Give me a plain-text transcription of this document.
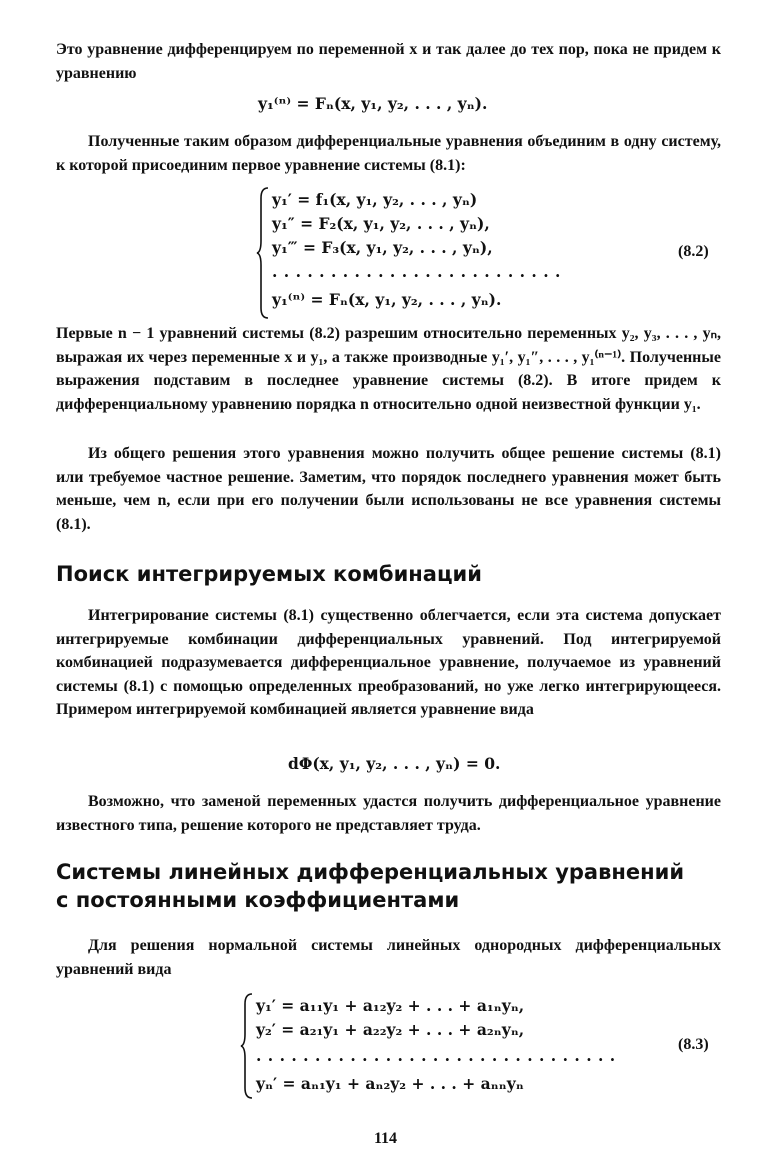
Это уравнение дифференцируем по переменной x и так далее до тех пор, пока не придем к уравнению
y₁⁽ⁿ⁾ = Fₙ(x, y₁, y₂, . . . , yₙ).
Полученные таким образом дифференциальные уравнения объединим в одну систему, к которой присоединим первое уравнение системы (8.1):
y₁′ = f₁(x, y₁, y₂, . . . , yₙ)
y₁″ = F₂(x, y₁, y₂, . . . , yₙ),
y₁‴ = F₃(x, y₁, y₂, . . . , yₙ),
. . . . . . . . . . . . . . . . . . . . . . . . .
y₁⁽ⁿ⁾ = Fₙ(x, y₁, y₂, . . . , yₙ).
(8.2)
Первые n − 1 уравнений системы (8.2) разрешим относительно переменных y₂, y₃, . . . , yₙ, выражая их через переменные x и y₁, а также производные y₁′, y₁″, . . . , y₁⁽ⁿ⁻¹⁾. Полученные выражения подставим в последнее уравнение системы (8.2). В итоге придем к дифференциальному уравнению порядка n относительно одной неизвестной функции y₁.
Из общего решения этого уравнения можно получить общее решение системы (8.1) или требуемое частное решение. Заметим, что порядок последнего уравнения может быть меньше, чем n, если при его получении были использованы не все уравнения системы (8.1).
Поиск интегрируемых комбинаций
Интегрирование системы (8.1) существенно облегчается, если эта система допускает интегрируемые комбинации дифференциальных уравнений. Под интегрируемой комбинацией подразумевается дифференциальное уравнение, получаемое из уравнений системы (8.1) с помощью определенных преобразований, но уже легко интегрирующееся. Примером интегрируемой комбинацией является уравнение вида
dΦ(x, y₁, y₂, . . . , yₙ) = 0.
Возможно, что заменой переменных удастся получить дифференциальное уравнение известного типа, решение которого не представляет труда.
Системы линейных дифференциальных уравнений
с постоянными коэффициентами
Для решения нормальной системы линейных однородных дифференциальных уравнений вида
y₁′ = a₁₁y₁ + a₁₂y₂ + . . . + a₁ₙyₙ,
y₂′ = a₂₁y₁ + a₂₂y₂ + . . . + a₂ₙyₙ,
. . . . . . . . . . . . . . . . . . . . . . . . . . . . . . .
yₙ′ = aₙ₁y₁ + aₙ₂y₂ + . . . + aₙₙyₙ
(8.3)
114
